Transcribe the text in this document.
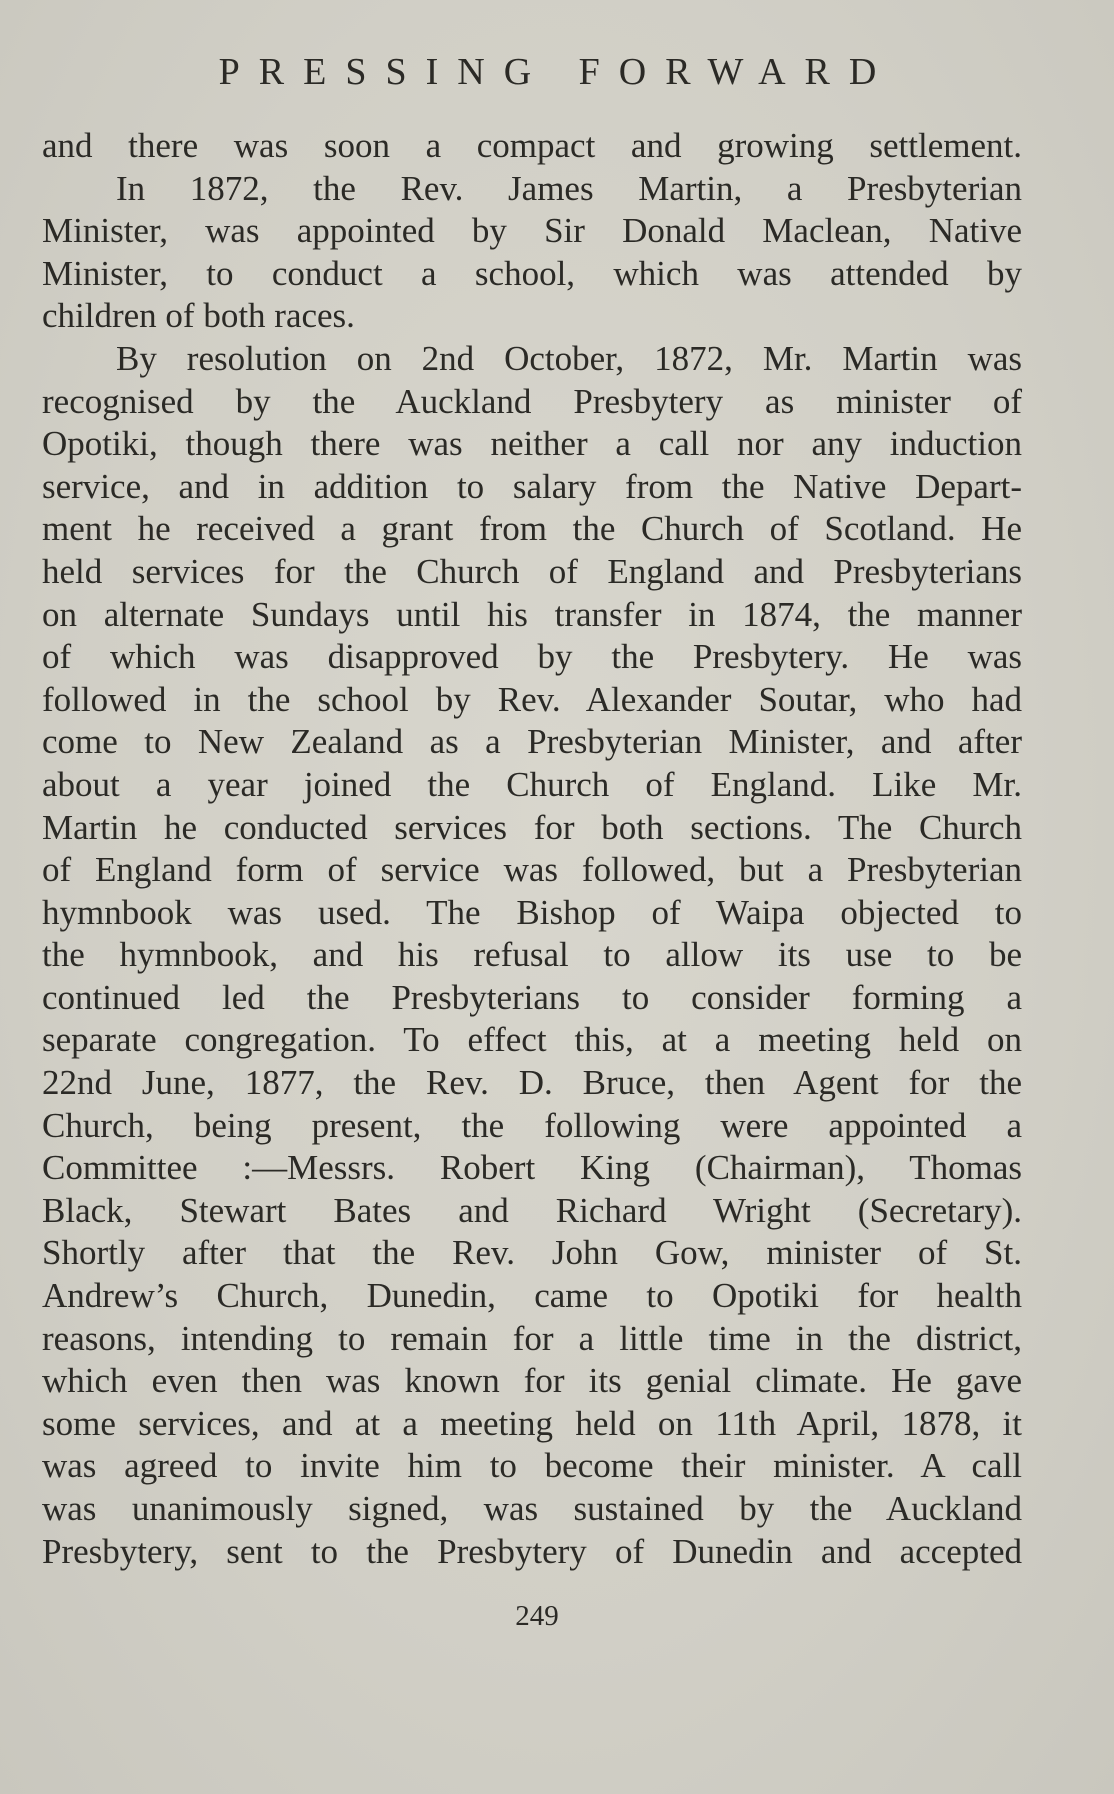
PRESSING FORWARD
and there was soon a compact and growing settlement.
In 1872, the Rev. James Martin, a Presbyterian
Minister, was appointed by Sir Donald Maclean, Native
Minister, to conduct a school, which was attended by
children of both races.
By resolution on 2nd October, 1872, Mr. Martin was
recognised by the Auckland Presbytery as minister of
Opotiki, though there was neither a call nor any induction
service, and in addition to salary from the Native Depart-
ment he received a grant from the Church of Scotland. He
held services for the Church of England and Presbyterians
on alternate Sundays until his transfer in 1874, the manner
of which was disapproved by the Presbytery. He was
followed in the school by Rev. Alexander Soutar, who had
come to New Zealand as a Presbyterian Minister, and after
about a year joined the Church of England. Like Mr.
Martin he conducted services for both sections. The Church
of England form of service was followed, but a Presbyterian
hymnbook was used. The Bishop of Waipa objected to
the hymnbook, and his refusal to allow its use to be
continued led the Presbyterians to consider forming a
separate congregation. To effect this, at a meeting held on
22nd June, 1877, the Rev. D. Bruce, then Agent for the
Church, being present, the following were appointed a
Committee :—Messrs. Robert King (Chairman), Thomas
Black, Stewart Bates and Richard Wright (Secretary).
Shortly after that the Rev. John Gow, minister of St.
Andrew’s Church, Dunedin, came to Opotiki for health
reasons, intending to remain for a little time in the district,
which even then was known for its genial climate. He gave
some services, and at a meeting held on 11th April, 1878, it
was agreed to invite him to become their minister. A call
was unanimously signed, was sustained by the Auckland
Presbytery, sent to the Presbytery of Dunedin and accepted
249
